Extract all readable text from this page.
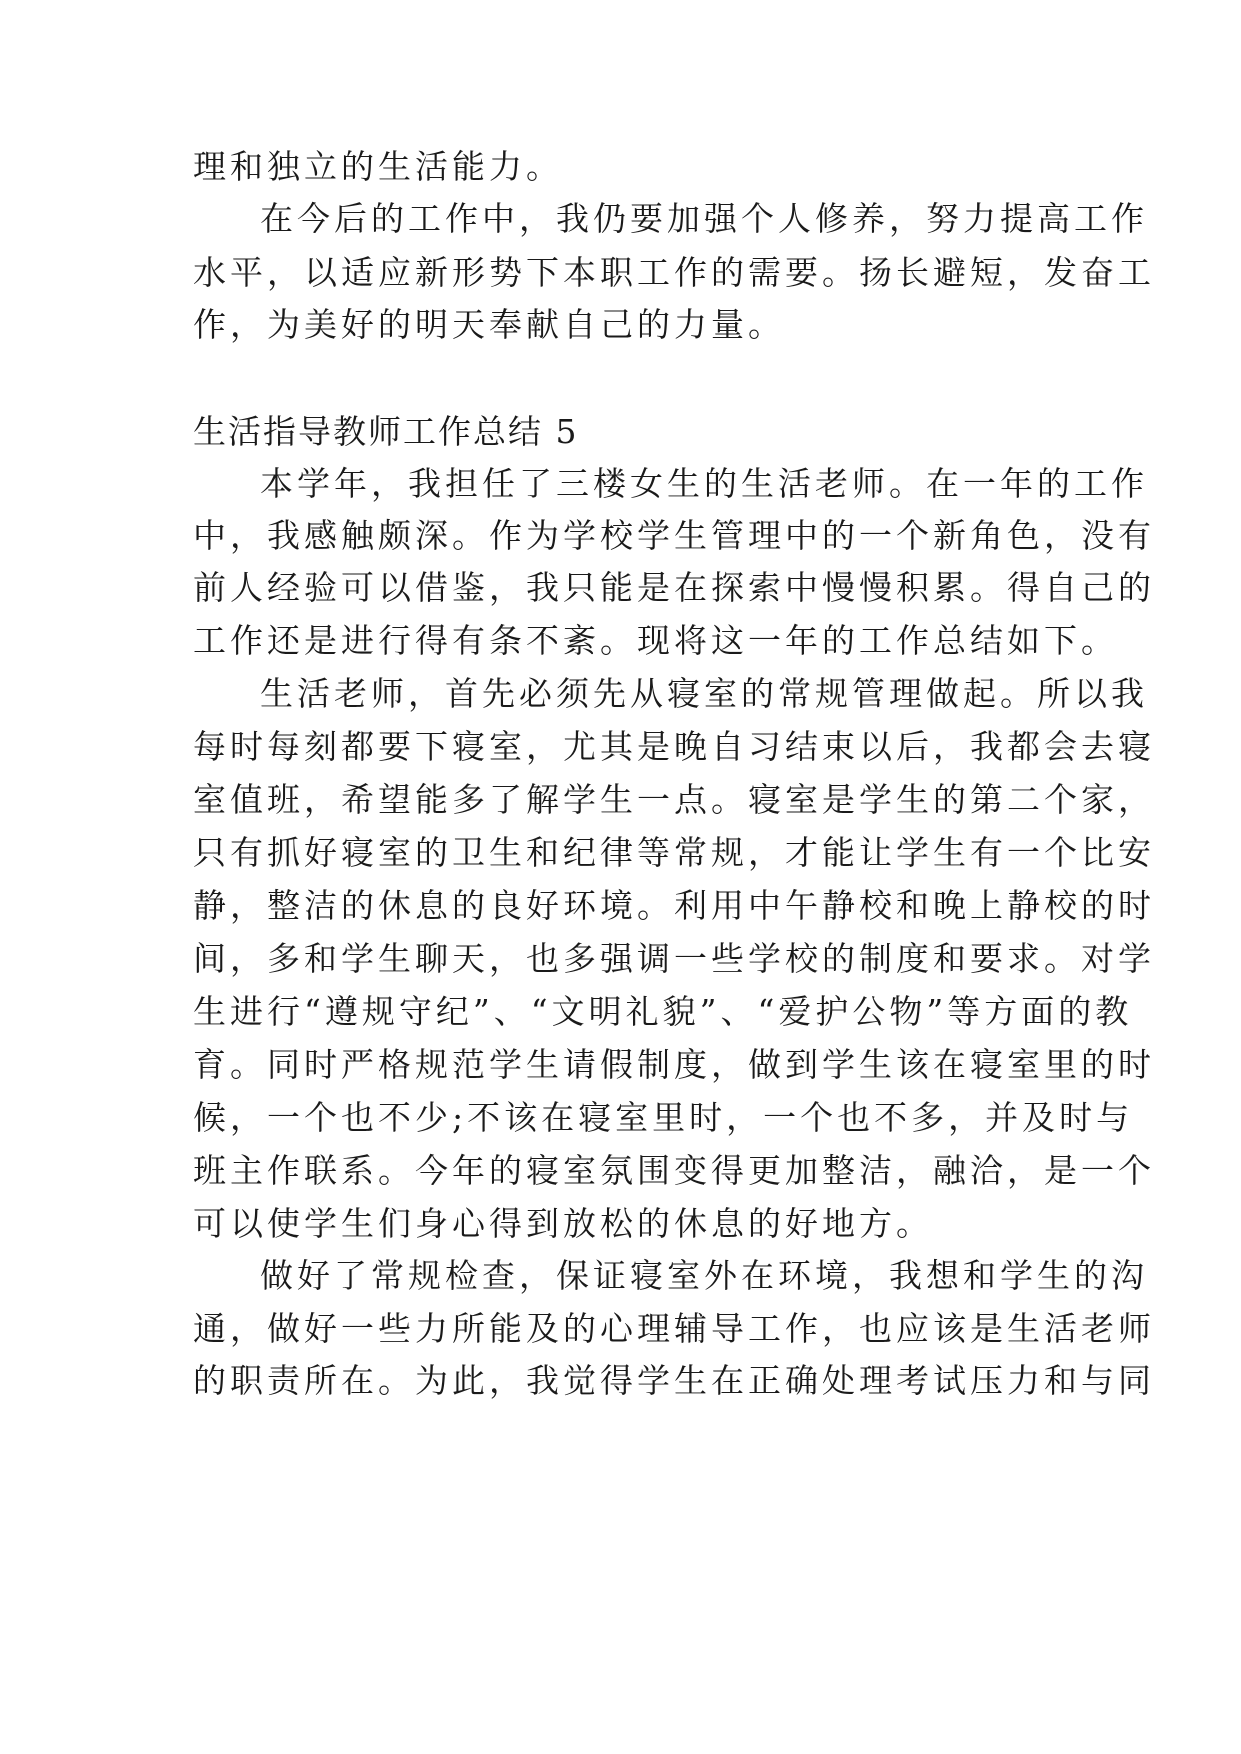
理和独立的生活能力。
在今后的工作中，我仍要加强个人修养，努力提高工作
水平，以适应新形势下本职工作的需要。扬长避短，发奋工
作，为美好的明天奉献自己的力量。
生活指导教师工作总结 5
本学年，我担任了三楼女生的生活老师。在一年的工作
中，我感触颇深。作为学校学生管理中的一个新角色，没有
前人经验可以借鉴，我只能是在探索中慢慢积累。得自己的
工作还是进行得有条不紊。现将这一年的工作总结如下。
生活老师，首先必须先从寝室的常规管理做起。所以我
每时每刻都要下寝室，尤其是晚自习结束以后，我都会去寝
室值班，希望能多了解学生一点。寝室是学生的第二个家，
只有抓好寝室的卫生和纪律等常规，才能让学生有一个比安
静，整洁的休息的良好环境。利用中午静校和晚上静校的时
间，多和学生聊天，也多强调一些学校的制度和要求。对学
生进行“遵规守纪”、“文明礼貌”、“爱护公物”等方面的教
育。同时严格规范学生请假制度，做到学生该在寝室里的时
候，一个也不少;不该在寝室里时，一个也不多，并及时与
班主作联系。今年的寝室氛围变得更加整洁，融洽，是一个
可以使学生们身心得到放松的休息的好地方。
做好了常规检查，保证寝室外在环境，我想和学生的沟
通，做好一些力所能及的心理辅导工作，也应该是生活老师
的职责所在。为此，我觉得学生在正确处理考试压力和与同
